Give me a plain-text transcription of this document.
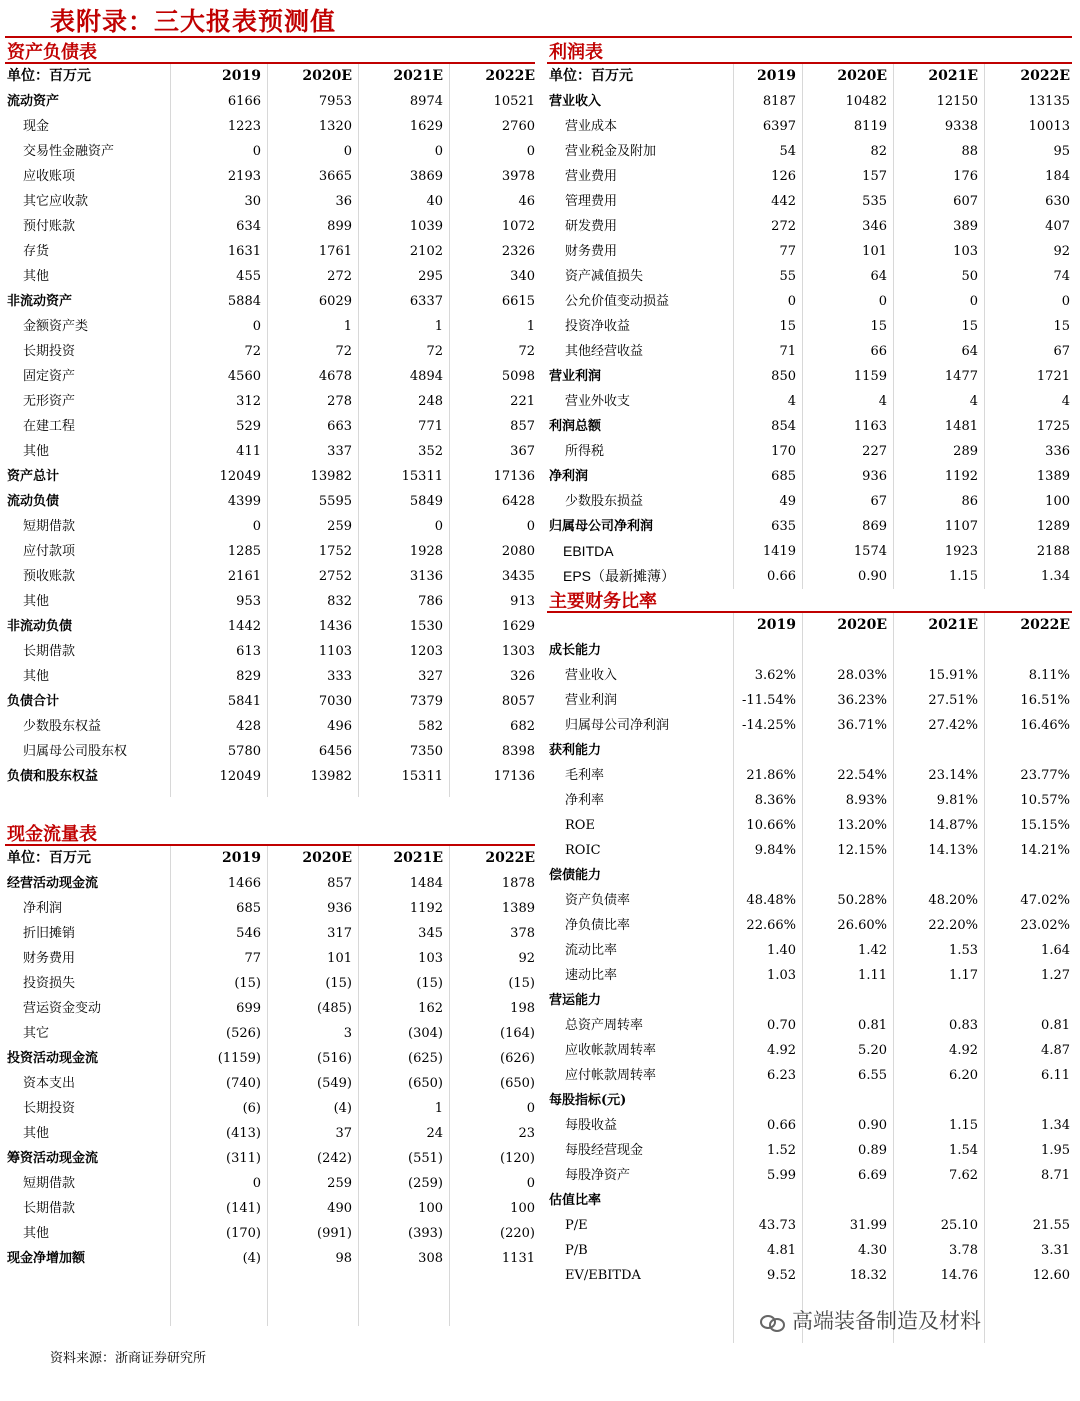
表附录：三大报表预测值
资产负债表
单位：百万元	2019	2020E	2021E	2022E
流动资产	6166	7953	8974	10521
现金	1223	1320	1629	2760
交易性金融资产	0	0	0	0
应收账项	2193	3665	3869	3978
其它应收款	30	36	40	46
预付账款	634	899	1039	1072
存货	1631	1761	2102	2326
其他	455	272	295	340
非流动资产	5884	6029	6337	6615
金额资产类	0	1	1	1
长期投资	72	72	72	72
固定资产	4560	4678	4894	5098
无形资产	312	278	248	221
在建工程	529	663	771	857
其他	411	337	352	367
资产总计	12049	13982	15311	17136
流动负债	4399	5595	5849	6428
短期借款	0	259	0	0
应付款项	1285	1752	1928	2080
预收账款	2161	2752	3136	3435
其他	953	832	786	913
非流动负债	1442	1436	1530	1629
长期借款	613	1103	1203	1303
其他	829	333	327	326
负债合计	5841	7030	7379	8057
少数股东权益	428	496	582	682
归属母公司股东权	5780	6456	7350	8398
负债和股东权益	12049	13982	15311	17136
现金流量表
单位：百万元	2019	2020E	2021E	2022E
经营活动现金流	1466	857	1484	1878
净利润	685	936	1192	1389
折旧摊销	546	317	345	378
财务费用	77	101	103	92
投资损失	(15)	(15)	(15)	(15)
营运资金变动	699	(485)	162	198
其它	(526)	3	(304)	(164)
投资活动现金流	(1159)	(516)	(625)	(626)
资本支出	(740)	(549)	(650)	(650)
长期投资	(6)	(4)	1	0
其他	(413)	37	24	23
筹资活动现金流	(311)	(242)	(551)	(120)
短期借款	0	259	(259)	0
长期借款	(141)	490	100	100
其他	(170)	(991)	(393)	(220)
现金净增加额	(4)	98	308	1131
利润表
单位：百万元	2019	2020E	2021E	2022E
营业收入	8187	10482	12150	13135
营业成本	6397	8119	9338	10013
营业税金及附加	54	82	88	95
营业费用	126	157	176	184
管理费用	442	535	607	630
研发费用	272	346	389	407
财务费用	77	101	103	92
资产减值损失	55	64	50	74
公允价值变动损益	0	0	0	0
投资净收益	15	15	15	15
其他经营收益	71	66	64	67
营业利润	850	1159	1477	1721
营业外收支	4	4	4	4
利润总额	854	1163	1481	1725
所得税	170	227	289	336
净利润	685	936	1192	1389
少数股东损益	49	67	86	100
归属母公司净利润	635	869	1107	1289
EBITDA	1419	1574	1923	2188
EPS（最新摊薄）	0.66	0.90	1.15	1.34
主要财务比率
2019	2020E	2021E	2022E
成长能力
营业收入	3.62%	28.03%	15.91%	8.11%
营业利润	-11.54%	36.23%	27.51%	16.51%
归属母公司净利润	-14.25%	36.71%	27.42%	16.46%
获利能力
毛利率	21.86%	22.54%	23.14%	23.77%
净利率	8.36%	8.93%	9.81%	10.57%
ROE	10.66%	13.20%	14.87%	15.15%
ROIC	9.84%	12.15%	14.13%	14.21%
偿债能力
资产负债率	48.48%	50.28%	48.20%	47.02%
净负债比率	22.66%	26.60%	22.20%	23.02%
流动比率	1.40	1.42	1.53	1.64
速动比率	1.03	1.11	1.17	1.27
营运能力
总资产周转率	0.70	0.81	0.83	0.81
应收帐款周转率	4.92	5.20	4.92	4.87
应付帐款周转率	6.23	6.55	6.20	6.11
每股指标(元)
每股收益	0.66	0.90	1.15	1.34
每股经营现金	1.52	0.89	1.54	1.95
每股净资产	5.99	6.69	7.62	8.71
估值比率
P/E	43.73	31.99	25.10	21.55
P/B	4.81	4.30	3.78	3.31
EV/EBITDA	9.52	18.32	14.76	12.60
高端装备制造及材料
资料来源：浙商证券研究所
